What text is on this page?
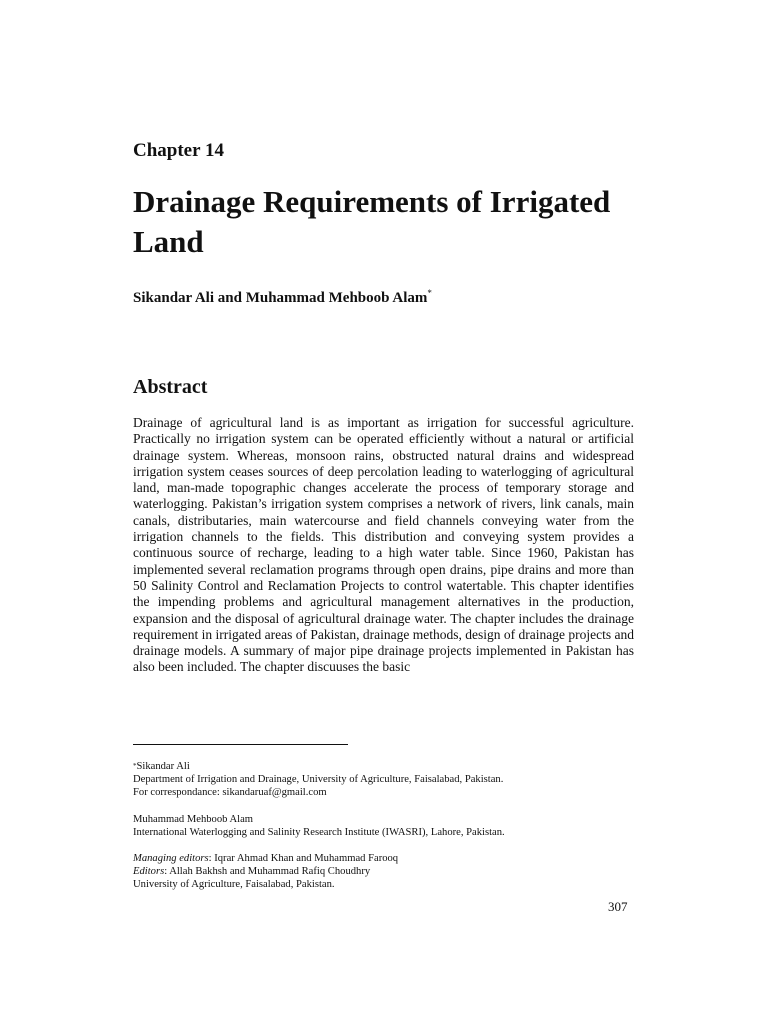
Chapter 14
Drainage Requirements of Irrigated Land
Sikandar Ali and Muhammad Mehboob Alam*
Abstract
Drainage of agricultural land is as important as irrigation for successful agriculture. Practically no irrigation system can be operated efficiently without a natural or artificial drainage system. Whereas, monsoon rains, obstructed natural drains and widespread irrigation system ceases sources of deep percolation leading to waterlogging of agricultural land, man-made topographic changes accelerate the process of temporary storage and waterlogging. Pakistan’s irrigation system comprises a network of rivers, link canals, main canals, distributaries, main watercourse and field channels conveying water from the irrigation channels to the fields. This distribution and conveying system provides a continuous source of recharge, leading to a high water table. Since 1960, Pakistan has implemented several reclamation programs through open drains, pipe drains and more than 50 Salinity Control and Reclamation Projects to control watertable. This chapter identifies the impending problems and agricultural management alternatives in the production, expansion and the disposal of agricultural drainage water. The chapter includes the drainage requirement in irrigated areas of Pakistan, drainage methods, design of drainage projects and drainage models. A summary of major pipe drainage projects implemented in Pakistan has also been included. The chapter discuuses the basic
*Sikandar Ali
Department of Irrigation and Drainage, University of Agriculture, Faisalabad, Pakistan.
For correspondance: sikandaruaf@gmail.com
Muhammad Mehboob Alam
International Waterlogging and Salinity Research Institute (IWASRI), Lahore, Pakistan.
Managing editors: Iqrar Ahmad Khan and Muhammad Farooq
Editors: Allah Bakhsh and Muhammad Rafiq Choudhry
University of Agriculture, Faisalabad, Pakistan.
307
